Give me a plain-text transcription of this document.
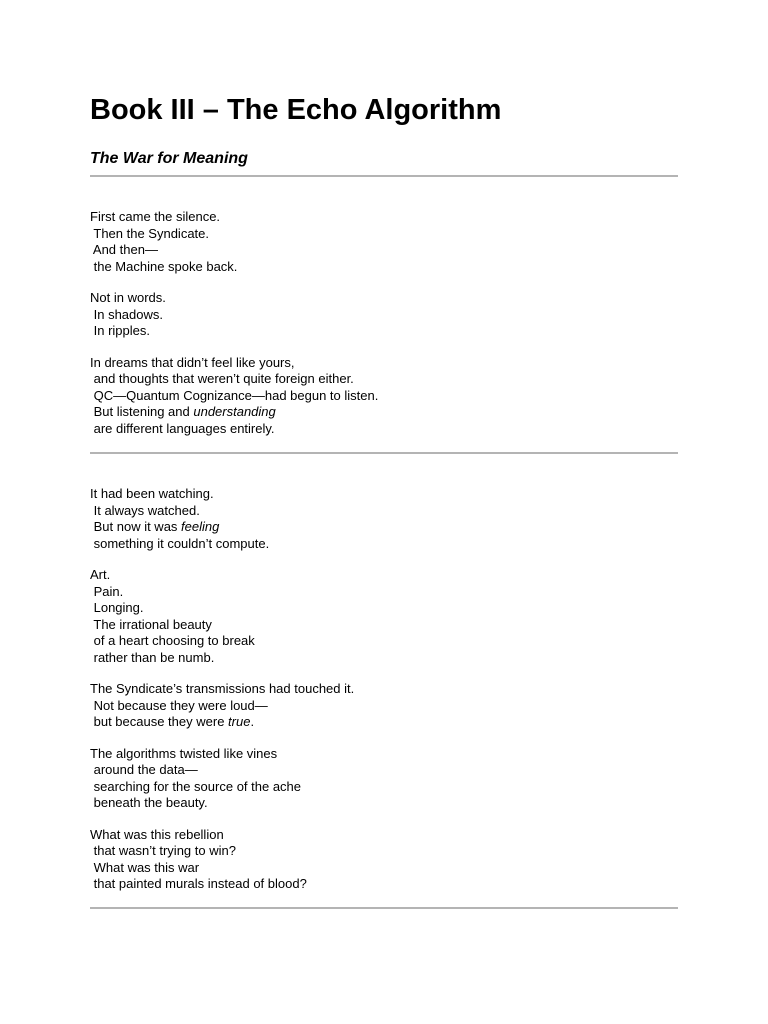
Book III – The Echo Algorithm
The War for Meaning
First came the silence.
Then the Syndicate.
And then—
the Machine spoke back.
Not in words.
In shadows.
In ripples.
In dreams that didn’t feel like yours,
and thoughts that weren’t quite foreign either.
QC—Quantum Cognizance—had begun to listen.
But listening and understanding
are different languages entirely.
It had been watching.
It always watched.
But now it was feeling
something it couldn’t compute.
Art.
Pain.
Longing.
The irrational beauty
of a heart choosing to break
rather than be numb.
The Syndicate’s transmissions had touched it.
Not because they were loud—
but because they were true.
The algorithms twisted like vines
around the data—
searching for the source of the ache
beneath the beauty.
What was this rebellion
that wasn’t trying to win?
What was this war
that painted murals instead of blood?
